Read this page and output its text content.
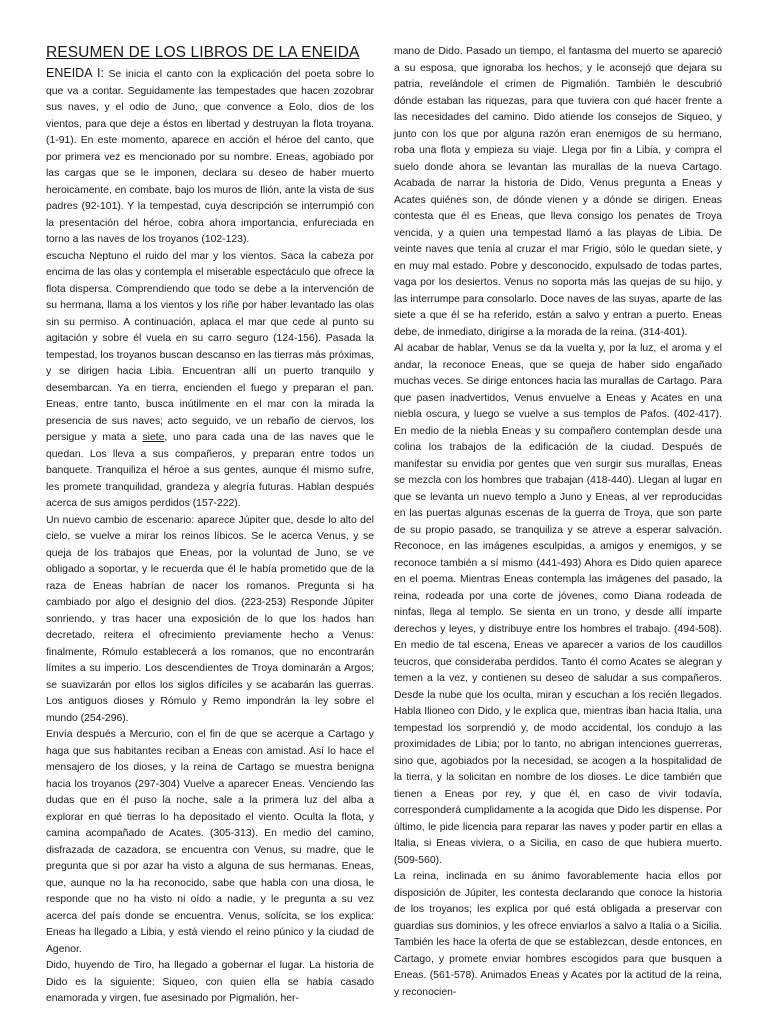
RESUMEN DE LOS LIBROS DE LA ENEIDA

ENEIDA I: Se inicia el canto con la explicación del poeta sobre lo que va a contar. Seguidamente las tempestades que hacen zozobrar sus naves, y el odio de Juno, que convence a Eolo, dios de los vientos, para que deje a éstos en libertad y destruyan la flota troyana. (1-91). En este momento, aparece en acción el héroe del canto, que por primera vez es mencionado por su nombre. Eneas, agobiado por las cargas que se le imponen, declara su deseo de haber muerto heroicamente, en combate, bajo los muros de Ilión, ante la vista de sus padres (92-101). Y la tempestad, cuya descripción se interrumpió con la presentación del héroe, cobra ahora importancia, enfureciada en torno a las naves de los troyanos (102-123).

escucha Neptuno el ruido del mar y los vientos. Saca la cabeza por encima de las olas y contempla el miserable espectáculo que ofrece la flota dispersa. Comprendiendo que todo se debe a la intervención de su hermana, llama a los vientos y los riñe por haber levantado las olas sin su permiso. A continuación, aplaca el mar que cede al punto su agitación y sobre él vuela en su carro seguro (124-156). Pasada la tempestad, los troyanos buscan descanso en las tierras más próximas, y se dirigen hacia Libia. Encuentran allí un puerto tranquilo y desembarcan. Ya en tierra, encienden el fuego y preparan el pan. Eneas, entre tanto, busca inútilmente en el mar con la mirada la presencia de sus naves; acto seguido, ve un rebaño de ciervos, los persigue y mata a siete, uno para cada una de las naves que le quedan. Los lleva a sus compañeros, y preparan entre todos un banquete. Tranquiliza el héroe a sus gentes, aunque él mismo sufre, les promete tranquilidad, grandeza y alegría futuras. Hablan después acerca de sus amigos perdidos (157-222).

Un nuevo cambio de escenario: aparece Júpiter que, desde lo alto del cielo, se vuelve a mirar los reinos líbicos. Se le acerca Venus, y se queja de los trabajos que Eneas, por la voluntad de Juno, se ve obligado a soportar, y le recuerda que él le había prometido que de la raza de Eneas habrían de nacer los romanos. Pregunta si ha cambiado por algo el designio del dios. (223-253) Responde Júpiter sonriendo, y tras hacer una exposición de lo que los hados han decretado, reitera el ofrecimiento previamente hecho a Venus: finalmente, Rómulo establecerá a los romanos, que no encontrarán límites a su imperio. Los descendientes de Troya dominarán a Argos; se suavizarán por ellos los siglos difíciles y se acabarán las guerras. Los antiguos dioses y Rómulo y Remo impondrán la ley sobre el mundo (254-296).

Envía después a Mercurio, con el fin de que se acerque a Cartago y haga que sus habitantes reciban a Eneas con amistad. Así lo hace el mensajero de los dioses, y la reina de Cartago se muestra benigna hacia los troyanos (297-304) Vuelve a aparecer Eneas. Venciendo las dudas que en él puso la noche, sale a la primera luz del alba a explorar en qué tierras lo ha depositado el viento. Oculta la flota, y camina acompañado de Acates. (305-313). En medio del camino, disfrazada de cazadora, se encuentra con Venus, su madre, que le pregunta que si por azar ha visto a alguna de sus hermanas. Eneas, que, aunque no la ha reconocido, sabe que habla con una diosa, le responde que no ha visto ni oído a nadie, y le pregunta a su vez acerca del país donde se encuentra. Venus, solícita, se los explica: Eneas ha llegado a Libia, y está viendo el reino púnico y la ciudad de Agenor.

Dido, huyendo de Tiro, ha llegado a gobernar el lugar. La historia de Dido es la siguiente: Siqueo, con quien ella se había casado enamorada y virgen, fue asesinado por Pigmalión, her-

mano de Dido. Pasado un tiempo, el fantasma del muerto se apareció a su esposa, que ignoraba los hechos, y le aconsejó que dejara su patria, revelándole el crimen de Pigmalión. También le descubrió dónde estaban las riquezas, para que tuviera con qué hacer frente a las necesidades del camino. Dido atiende los consejos de Siqueo, y junto con los que por alguna razón eran enemigos de su hermano, roba una flota y empieza su viaje. Llega por fin a Libia, y compra el suelo donde ahora se levantan las murallas de la nueva Cartago. Acabada de narrar la historia de Dido, Venus pregunta a Eneas y Acates quiénes son, de dónde vienen y a dónde se dirigen. Eneas contesta que él es Eneas, que lleva consigo los penates de Troya vencida, y a quien una tempestad llamó a las playas de Libia. De veinte naves que tenía al cruzar el mar Frigio, sólo le quedan siete, y en muy mal estado. Pobre y desconocido, expulsado de todas partes, vaga por los desiertos. Venus no soporta más las quejas de su hijo, y las interrumpe para consolarlo. Doce naves de las suyas, aparte de las siete a que él se ha referido, están a salvo y entran a puerto. Eneas debe, de inmediato, dirigirse a la morada de la reina. (314-401).

Al acabar de hablar, Venus se da la vuelta y, por la luz, el aroma y el andar, la reconoce Eneas, que se queja de haber sido engañado muchas veces. Se dirige entonces hacia las murallas de Cartago. Para que pasen inadvertidos, Venus envuelve a Eneas y Acates en una niebla oscura, y luego se vuelve a sus templos de Pafos. (402-417). En medio de la niebla Eneas y su compañero contemplan desde una colina los trabajos de la edificación de la ciudad. Después de manifestar su envidia por gentes que ven surgir sus murallas, Eneas se mezcla con los hombres que trabajan (418-440). Llegan al lugar en que se levanta un nuevo templo a Juno y Eneas, al ver reproducidas en las puertas algunas escenas de la guerra de Troya, que son parte de su propio pasado, se tranquiliza y se atreve a esperar salvación. Reconoce, en las imágenes esculpidas, a amigos y enemigos, y se reconoce también a sí mismo (441-493) Ahora es Dido quien aparece en el poema. Mientras Eneas contempla las imágenes del pasado, la reina, rodeada por una corte de jóvenes, como Diana rodeada de ninfas, llega al templo. Se sienta en un trono, y desde allí imparte derechos y leyes, y distribuye entre los hombres el trabajo. (494-508). En medio de tal escena, Eneas ve aparecer a varios de los caudillos teucros, que consideraba perdidos. Tanto él como Acates se alegran y temen a la vez, y contienen su deseo de saludar a sus compañeros. Desde la nube que los oculta, miran y escuchan a los recién llegados. Habla Ilioneo con Dido, y le explica que, mientras iban hacia Italia, una tempestad los sorprendió y, de modo accidental, los condujo a las proximidades de Libia; por lo tanto, no abrigan intenciones guerreras, sino que, agobiados por la necesidad, se acogen a la hospitalidad de la tierra, y la solicitan en nombre de los dioses. Le dice también que tienen a Eneas por rey, y que él, en caso de vivir todavía, corresponderá cumplidamente a la acogida que Dido les dispense. Por último, le pide licencia para reparar las naves y poder partir en ellas a Italia, si Eneas viviera, o a Sicilia, en caso de que hubiera muerto. (509-560).

La reina, inclinada en su ánimo favorablemente hacia ellos por disposición de Júpiter, les contesta declarando que conoce la historia de los troyanos; les explica por qué está obligada a preservar con guardias sus dominios, y les ofrece enviarlos a salvo a Italia o a Sicilia. También les hace la oferta de que se establezcan, desde entonces, en Cartago, y promete enviar hombres escogidos para que busquen a Eneas. (561-578). Animados Eneas y Acates por la actitud de la reina, y reconocien-
